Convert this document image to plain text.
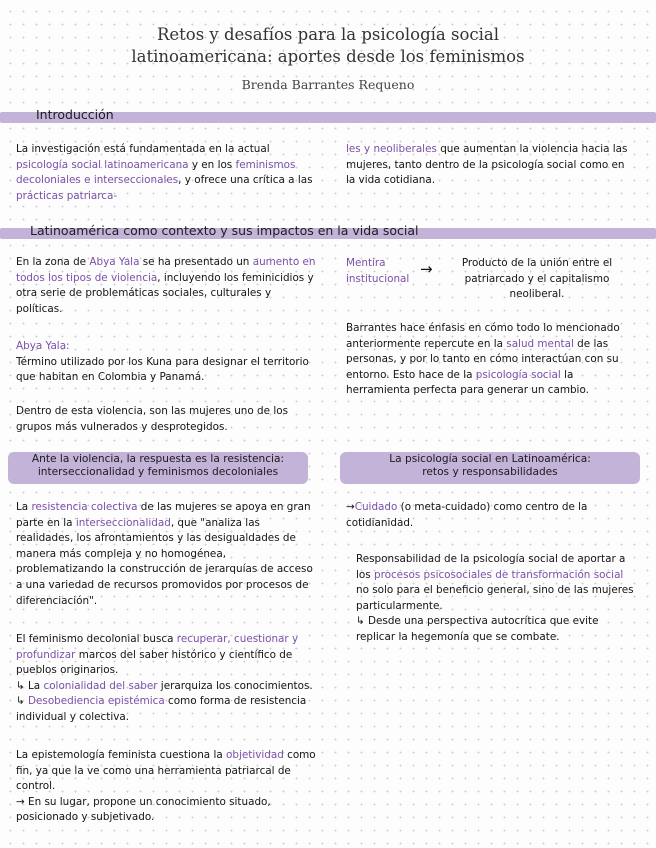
Retos y desafíos para la psicología social
latinoamericana: aportes desde los feminismos
Brenda Barrantes Requeno
Introducción

La investigación está fundamentada en la actual psicología social latinoamericana y en los feminismos decoloniales e interseccionales, y ofrece una crítica a las prácticas patriarca-

les y neoliberales que aumentan la violencia hacia las mujeres, tanto dentro de la psicología social como en la vida cotidiana.

Latinoamérica como contexto y sus impactos en la vida social

En la zona de Abya Yala se ha presentado un aumento en todos los tipos de violencia, incluyendo los feminicidios y otra serie de problemáticas sociales, culturales y políticas.

Abya Yala:

Término utilizado por los Kuna para designar el territorio que habitan en Colombia y Panamá.

Dentro de esta violencia, son las mujeres uno de los grupos más vulnerados y desprotegidos.

Mentira

institucional

→	Producto de la unión entre el patriarcado y el capitalismo neoliberal.

Barrantes hace énfasis en cómo todo lo mencionado anteriormente repercute en la salud mental de las personas, y por lo tanto en cómo interactúan con su entorno. Esto hace de la psicología social la herramienta perfecta para generar un cambio.

Ante la violencia, la respuesta es la resistencia:
interseccionalidad y feminismos decoloniales

La resistencia colectiva de las mujeres se apoya en gran parte en la interseccionalidad, que "analiza las realidades, los afrontamientos y las desigualdades de manera más compleja y no homogénea, problematizando la construcción de jerarquías de acceso a una variedad de recursos promovidos por procesos de diferenciación".

El feminismo decolonial busca recuperar, cuestionar y profundizar marcos del saber histórico y científico de pueblos originarios.

↳ La colonialidad del saber jerarquiza los conocimientos.

↳ Desobediencia epistémica como forma de resistencia individual y colectiva.

La epistemología feminista cuestiona la objetividad como fin, ya que la ve como una herramienta patriarcal de control.

→ En su lugar, propone un conocimiento situado, posicionado y subjetivado.

La psicología social en Latinoamérica:
retos y responsabilidades

→Cuidado (o meta-cuidado) como centro de la cotidianidad.

Responsabilidad de la psicología social de aportar a los procesos psicosociales de transformación social no solo para el beneficio general, sino de las mujeres particularmente.

↳ Desde una perspectiva autocrítica que evite replicar la hegemonía que se combate.
